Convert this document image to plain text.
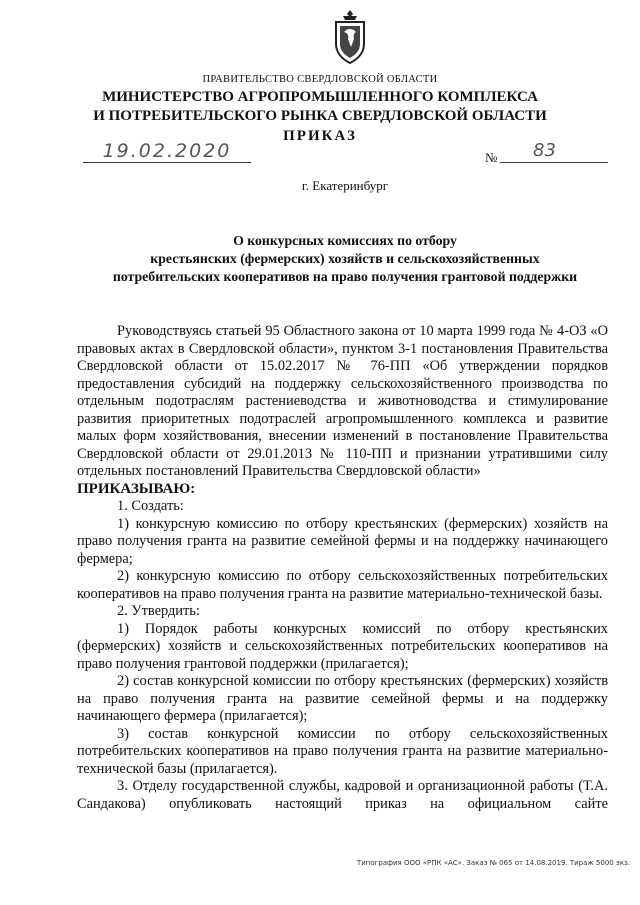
ПРАВИТЕЛЬСТВО СВЕРДЛОВСКОЙ ОБЛАСТИ
МИНИСТЕРСТВО АГРОПРОМЫШЛЕННОГО КОМПЛЕКСА
И ПОТРЕБИТЕЛЬСКОГО РЫНКА СВЕРДЛОВСКОЙ ОБЛАСТИ
ПРИКАЗ
19.02.2020	№ 83
г. Екатеринбург
О конкурсных комиссиях по отбору
крестьянских (фермерских) хозяйств и сельскохозяйственных
потребительских кооперативов на право получения грантовой поддержки

Руководствуясь статьей 95 Областного закона от 10 марта 1999 года № 4-ОЗ «О правовых актах в Свердловской области», пунктом 3-1 постановления Правительства Свердловской области от 15.02.2017 № 76-ПП «Об утверждении порядков предоставления субсидий на поддержку сельскохозяйственного производства по отдельным подотраслям растениеводства и животноводства и стимулирование развития приоритетных подотраслей агропромышленного комплекса и развитие малых форм хозяйствования, внесении изменений в постановление Правительства Свердловской области от 29.01.2013 № 110-ПП и признании утратившими силу отдельных постановлений Правительства Свердловской области»

ПРИКАЗЫВАЮ:

1. Создать:

1) конкурсную комиссию по отбору крестьянских (фермерских) хозяйств на право получения гранта на развитие семейной фермы и на поддержку начинающего фермера;

2) конкурсную комиссию по отбору сельскохозяйственных потребительских кооперативов на право получения гранта на развитие материально-технической базы.

2. Утвердить:

1) Порядок работы конкурсных комиссий по отбору крестьянских (фермерских) хозяйств и сельскохозяйственных потребительских кооперативов на право получения грантовой поддержки (прилагается);

2) состав конкурсной комиссии по отбору крестьянских (фермерских) хозяйств на право получения гранта на развитие семейной фермы и на поддержку начинающего фермера (прилагается);

3) состав конкурсной комиссии по отбору сельскохозяйственных потребительских кооперативов на право получения гранта на развитие материально-технической базы (прилагается).

3. Отделу государственной службы, кадровой и организационной работы (Т.А. Сандакова) опубликовать настоящий приказ на официальном сайте

Типография ООО «РПК «АС». Заказ № 065 от 14.08.2019. Тираж 5000 экз.
